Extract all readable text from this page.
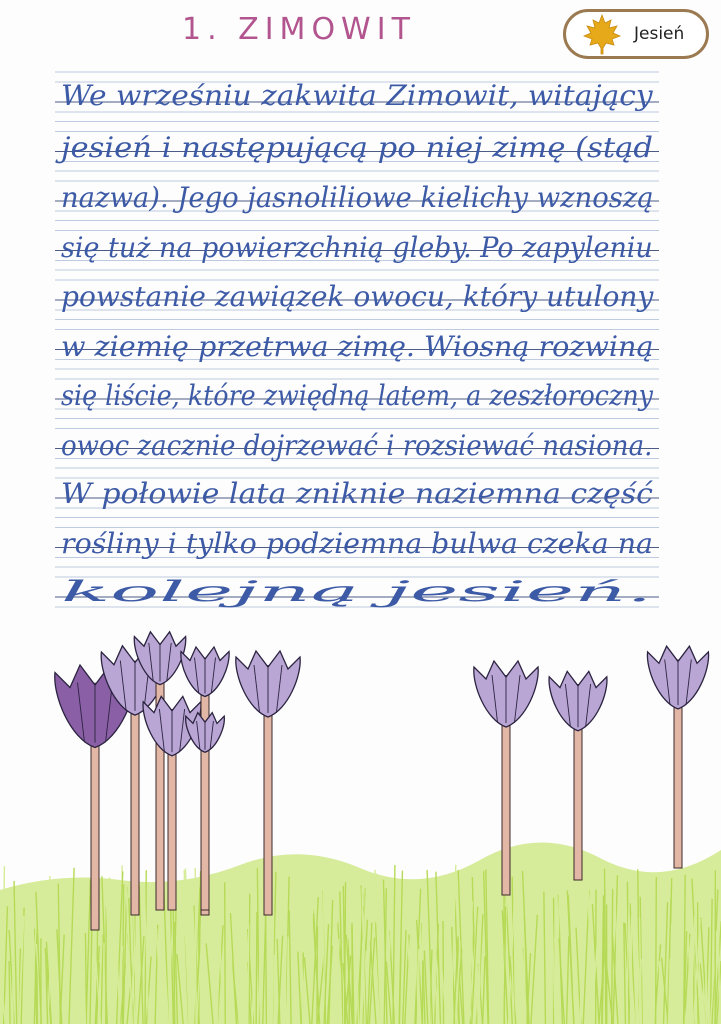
1. ZIMOWIT	Jesień
We wrześniu zakwita Zimowit, witający
jesień i następującą po niej zimę (stąd
nazwa). Jego jasnoliliowe kielichy wznoszą
się tuż na powierzchnią gleby. Po zapyleniu
powstanie zawiązek owocu, który utulony
w ziemię przetrwa zimę. Wiosną rozwiną
się liście, które zwiędną latem, a zeszłoroczny
owoc zacznie dojrzewać i rozsiewać nasiona.
W połowie lata zniknie naziemna część
rośliny i tylko podziemna bulwa czeka na
kolejną jesień.
